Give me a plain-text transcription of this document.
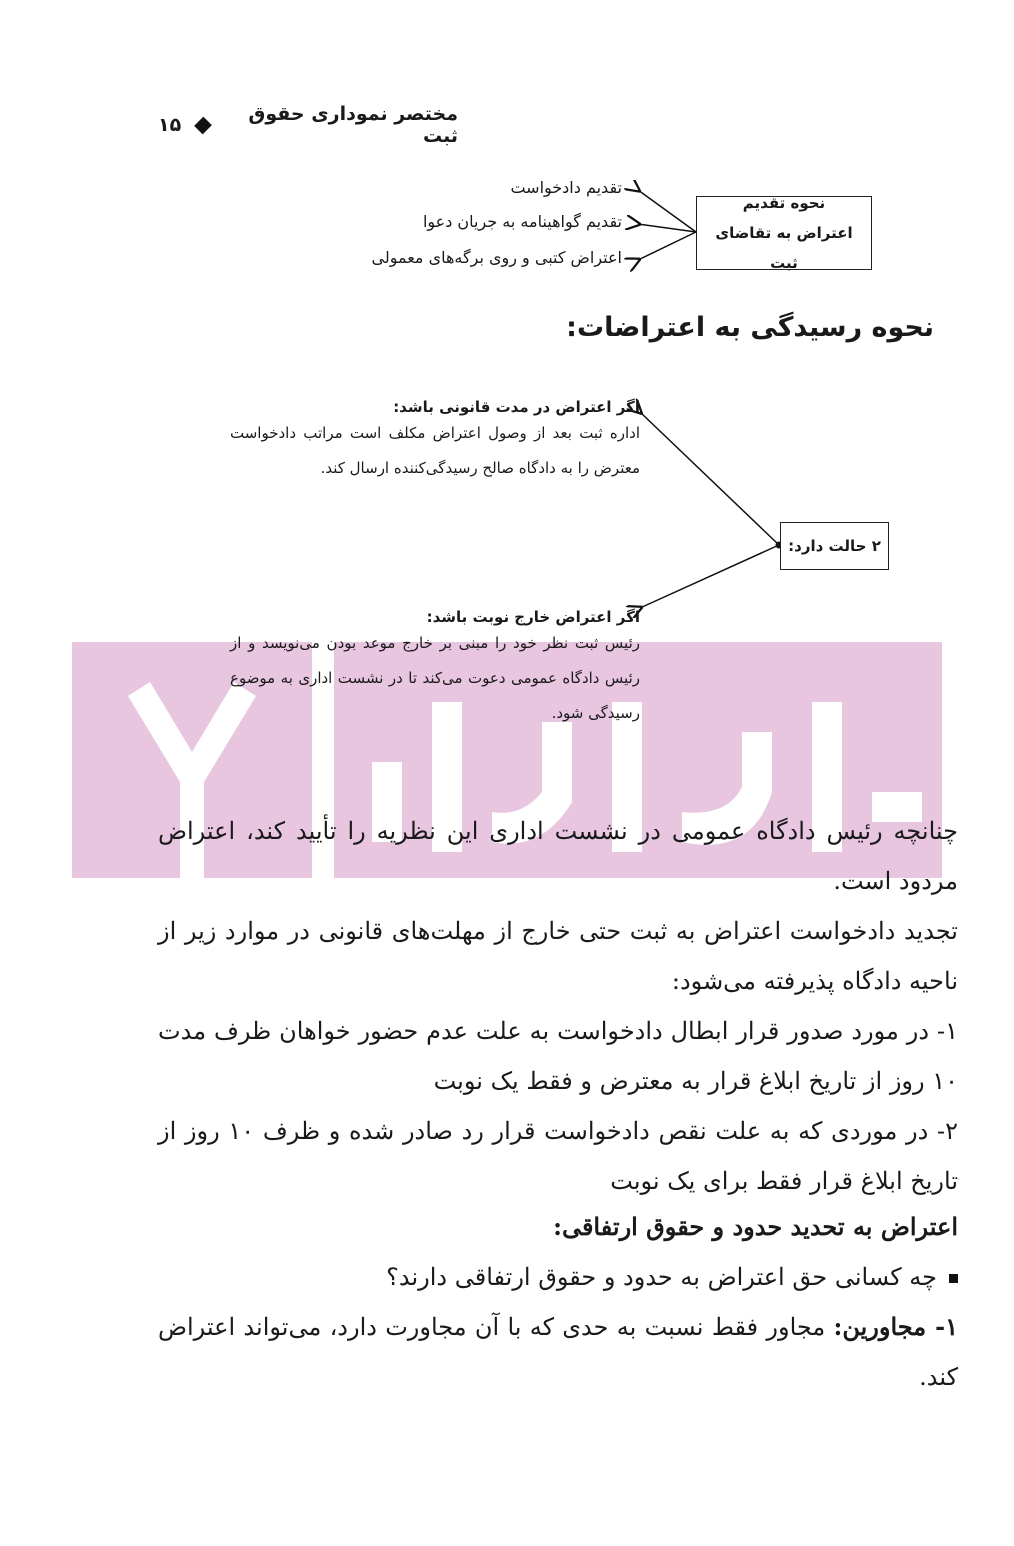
مختصر نموداری حقوق ثبت
۱۵
نحوه تقدیم اعتراض به تقاضای ثبت
تقدیم دادخواست
تقدیم گواهینامه به جریان دعوا
اعتراض کتبی و روی برگه‌های معمولی
نحوه رسیدگی به اعتراضات:
۲ حالت دارد:
اگر اعتراض در مدت قانونی باشد:
اداره ثبت بعد از وصول اعتراض مکلف است مراتب دادخواست معترض را به دادگاه صالح رسیدگی‌کننده ارسال کند.
اگر اعتراض خارج نوبت باشد:
رئیس ثبت نظر خود را مبنی بر خارج موعد بودن می‌نویسد و از رئیس دادگاه عمومی دعوت می‌کند تا در نشست اداری به موضوع رسیدگی شود.
چنانچه رئیس دادگاه عمومی در نشست اداری این نظریه را تأیید کند، اعتراض مردود است.
تجدید دادخواست اعتراض به ثبت حتی خارج از مهلت‌های قانونی در موارد زیر از ناحیه دادگاه پذیرفته می‌شود:
۱- در مورد صدور قرار ابطال دادخواست به علت عدم حضور خواهان ظرف مدت ۱۰ روز از تاریخ ابلاغ قرار به معترض و فقط یک نوبت
۲- در موردی که به علت نقص دادخواست قرار رد صادر شده و ظرف ۱۰ روز از تاریخ ابلاغ قرار فقط برای یک نوبت
اعتراض به تحدید حدود و حقوق ارتفاقی:
چه کسانی حق اعتراض به حدود و حقوق ارتفاقی دارند؟
۱- مجاورین: مجاور فقط نسبت به حدی که با آن مجاورت دارد، می‌تواند اعتراض کند.
